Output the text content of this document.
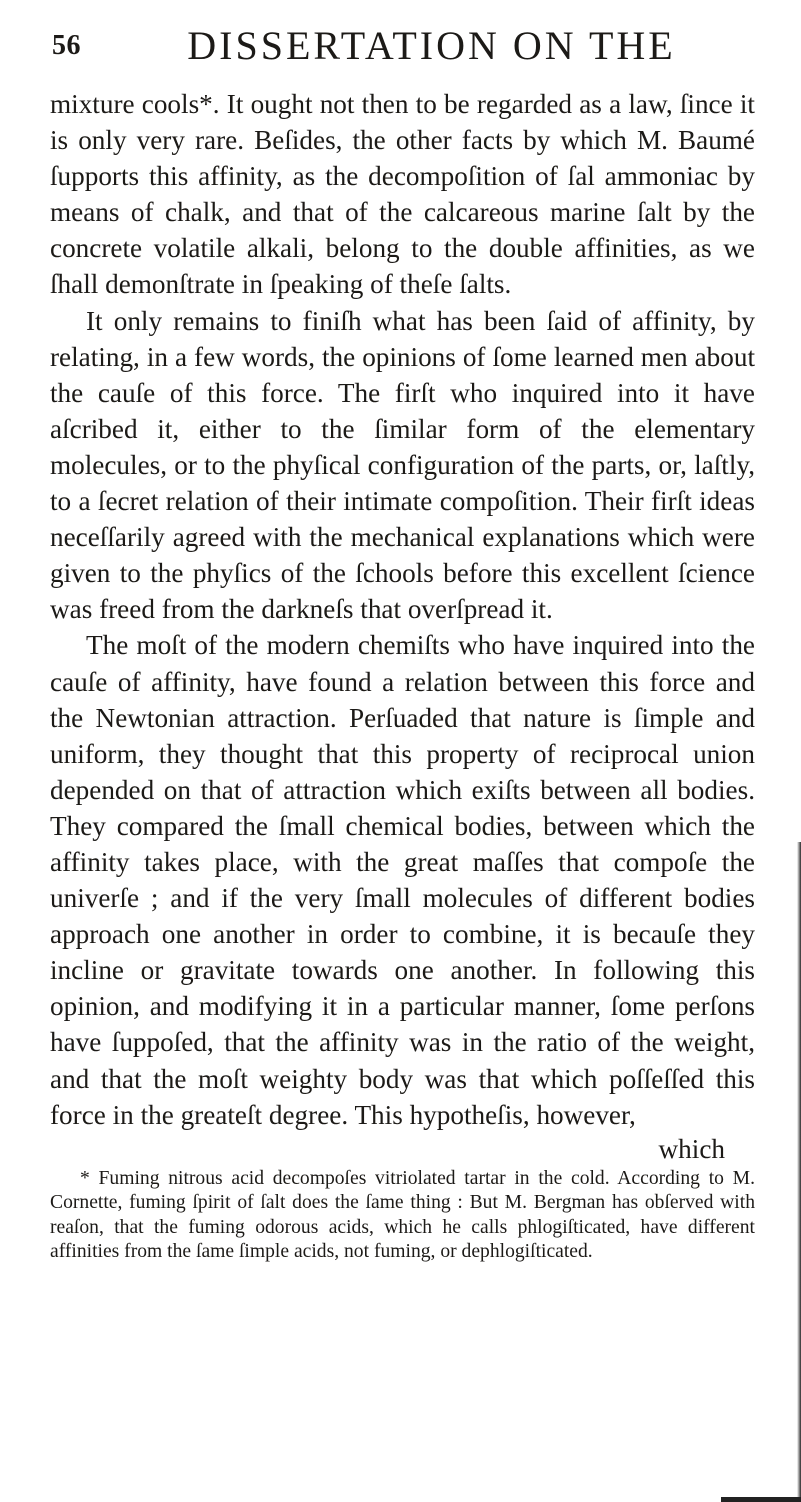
56	DISSERTATION ON THE

mixture cools*. It ought not then to be regarded as a law, ſince it is only very rare. Beſides, the other facts by which M. Baumé ſupports this affinity, as the decompoſition of ſal ammoniac by means of chalk, and that of the calcareous marine ſalt by the concrete volatile alkali, belong to the double affinities, as we ſhall demonſtrate in ſpeaking of theſe ſalts.

It only remains to finiſh what has been ſaid of affinity, by relating, in a few words, the opinions of ſome learned men about the cauſe of this force. The firſt who inquired into it have aſcribed it, either to the ſimilar form of the elementary molecules, or to the phyſical configuration of the parts, or, laſtly, to a ſecret relation of their intimate compoſition. Their firſt ideas neceſſarily agreed with the mechanical explanations which were given to the phyſics of the ſchools before this excellent ſcience was freed from the darkneſs that overſpread it.

The moſt of the modern chemiſts who have inquired into the cauſe of affinity, have found a relation between this force and the Newtonian attraction. Perſuaded that nature is ſimple and uniform, they thought that this property of reciprocal union depended on that of attraction which exiſts between all bodies. They compared the ſmall chemical bodies, between which the affinity takes place, with the great maſſes that compoſe the univerſe ; and if the very ſmall molecules of different bodies approach one another in order to combine, it is becauſe they incline or gravitate towards one another. In following this opinion, and modifying it in a particular manner, ſome perſons have ſuppoſed, that the affinity was in the ratio of the weight, and that the moſt weighty body was that which poſſeſſed this force in the greateſt degree. This hypotheſis, however,

which

* Fuming nitrous acid decompoſes vitriolated tartar in the cold. According to M. Cornette, fuming ſpirit of ſalt does the ſame thing : But M. Bergman has obſerved with reaſon, that the fuming odorous acids, which he calls phlogiſticated, have different affinities from the ſame ſimple acids, not fuming, or dephlogiſticated.
